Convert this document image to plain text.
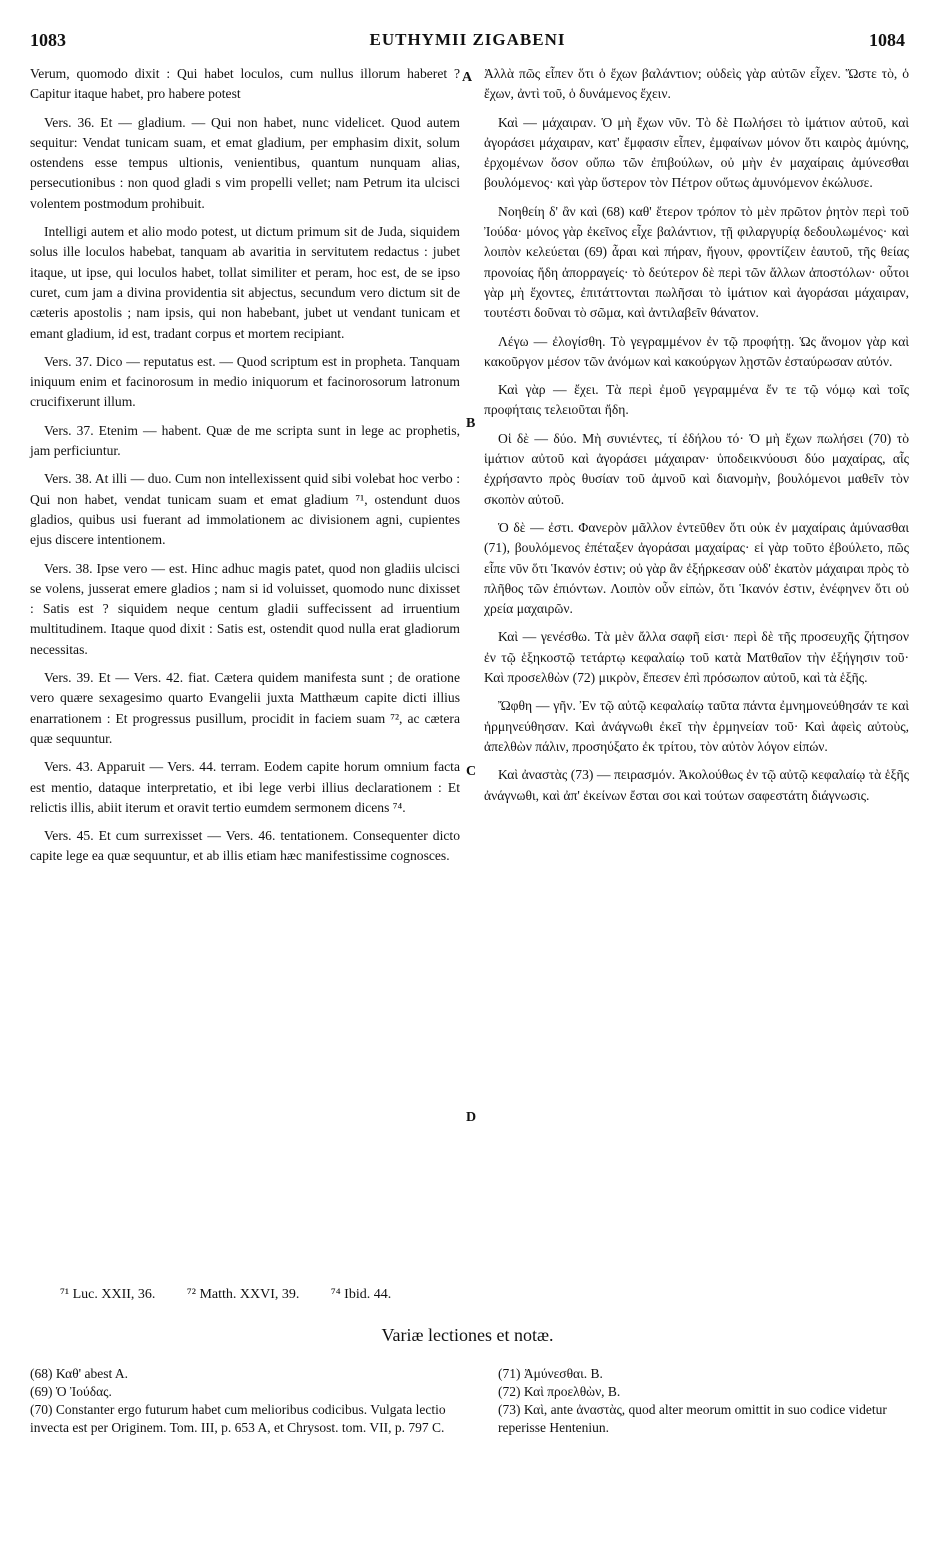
1083	EUTHYMII ZIGABENI	1084

Verum, quomodo dixit : Qui habet loculos, cum nullus illorum haberet ? Capitur itaque habet, pro habere potest

Vers. 36. Et — gladium. — Qui non habet, nunc videlicet. Quod autem sequitur: Vendat tunicam suam, et emat gladium, per emphasim dixit, solum ostendens esse tempus ultionis, venientibus, quantum nunquam alias, persecutionibus : non quod gladi s vim propelli vellet; nam Petrum ita ulcisci volentem postmodum prohibuit.

Intelligi autem et alio modo potest, ut dictum primum sit de Juda, siquidem solus ille loculos habebat, tanquam ab avaritia in servitutem redactus : jubet itaque, ut ipse, qui loculos habet, tollat similiter et peram, hoc est, de se ipso curet, cum jam a divina providentia sit abjectus, secundum vero dictum sit de cæteris apostolis ; nam ipsis, qui non habebant, jubet ut vendant tunicam et emant gladium, id est, tradant corpus et mortem recipiant.

Vers. 37. Dico — reputatus est. — Quod scriptum est in propheta. Tanquam iniquum enim et facinorosum in medio iniquorum et facinorosorum latronum crucifixerunt illum.

Vers. 37. Etenim — habent. Quæ de me scripta sunt in lege ac prophetis, jam perficiuntur.

Vers. 38. At illi — duo. Cum non intellexissent quid sibi volebat hoc verbo : Qui non habet, vendat tunicam suam et emat gladium ⁷¹, ostendunt duos gladios, quibus usi fuerant ad immolationem ac divisionem agni, cupientes ejus discere intentionem.

Vers. 38. Ipse vero — est. Hinc adhuc magis patet, quod non gladiis ulcisci se volens, jusserat emere gladios ; nam si id voluisset, quomodo nunc dixisset : Satis est ? siquidem neque centum gladii suffecissent ad irruentium multitudinem. Itaque quod dixit : Satis est, ostendit quod nulla erat gladiorum necessitas.

Vers. 39. Et — Vers. 42. fiat. Cætera quidem manifesta sunt ; de oratione vero quære sexagesimo quarto Evangelii juxta Matthæum capite dicti illius enarrationem : Et progressus pusillum, procidit in faciem suam ⁷², ac cætera quæ sequuntur.

Vers. 43. Apparuit — Vers. 44. terram. Eodem capite horum omnium facta est mentio, dataque interpretatio, et ibi lege verbi illius declarationem : Et relictis illis, abiit iterum et oravit tertio eumdem sermonem dicens ⁷⁴.

Vers. 45. Et cum surrexisset — Vers. 46. tentationem. Consequenter dicto capite lege ea quæ sequuntur, et ab illis etiam hæc manifestissime cognosces.

A
B
C
D

Ἀλλὰ πῶς εἶπεν ὅτι ὁ ἔχων βαλάντιον; οὐδεὶς γὰρ αὐτῶν εἶχεν. Ὥστε τὸ, ὁ ἔχων, ἀντὶ τοῦ, ὁ δυνάμενος ἔχειν.

Καὶ — μάχαιραν. Ὁ μὴ ἔχων νῦν. Τὸ δὲ Πωλήσει τὸ ἱμάτιον αὐτοῦ, καὶ ἀγοράσει μάχαιραν, κατ' ἔμφασιν εἶπεν, ἐμφαίνων μόνον ὅτι καιρὸς ἀμύνης, ἐρχομένων ὅσον οὔπω τῶν ἐπιβούλων, οὐ μὴν ἐν μαχαίραις ἀμύνεσθαι βουλόμενος· καὶ γὰρ ὕστερον τὸν Πέτρον οὕτως ἀμυνόμενον ἐκώλυσε.

Νοηθείη δ' ἂν καὶ (68) καθ' ἕτερον τρόπον τὸ μὲν πρῶτον ῥητὸν περὶ τοῦ Ἰούδα· μόνος γὰρ ἐκεῖνος εἶχε βαλάντιον, τῇ φιλαργυρίᾳ δεδουλωμένος· καὶ λοιπὸν κελεύεται (69) ἆραι καὶ πήραν, ἤγουν, φροντίζειν ἑαυτοῦ, τῆς θείας προνοίας ἤδη ἀπορραγείς· τὸ δεύτερον δὲ περὶ τῶν ἄλλων ἀποστόλων· οὗτοι γὰρ μὴ ἔχοντες, ἐπιτάττονται πωλῆσαι τὸ ἱμάτιον καὶ ἀγοράσαι μάχαιραν, τουτέστι δοῦναι τὸ σῶμα, καὶ ἀντιλαβεῖν θάνατον.

Λέγω — ἐλογίσθη. Τὸ γεγραμμένον ἐν τῷ προφήτῃ. Ὡς ἄνομον γὰρ καὶ κακοῦργον μέσον τῶν ἀνόμων καὶ κακούργων λῃστῶν ἐσταύρωσαν αὐτόν.

Καὶ γὰρ — ἔχει. Τὰ περὶ ἐμοῦ γεγραμμένα ἔν τε τῷ νόμῳ καὶ τοῖς προφήταις τελειοῦται ἤδη.

Οἱ δὲ — δύο. Μὴ συνιέντες, τί ἐδήλου τό· Ὁ μὴ ἔχων πωλήσει (70) τὸ ἱμάτιον αὐτοῦ καὶ ἀγοράσει μάχαιραν· ὑποδεικνύουσι δύο μαχαίρας, αἷς ἐχρήσαντο πρὸς θυσίαν τοῦ ἀμνοῦ καὶ διανομὴν, βουλόμενοι μαθεῖν τὸν σκοπὸν αὐτοῦ.

Ὁ δὲ — ἐστι. Φανερὸν μᾶλλον ἐντεῦθεν ὅτι οὐκ ἐν μαχαίραις ἀμύνασθαι (71), βουλόμενος ἐπέταξεν ἀγοράσαι μαχαίρας· εἰ γὰρ τοῦτο ἐβούλετο, πῶς εἶπε νῦν ὅτι Ἱκανόν ἐστιν; οὐ γὰρ ἂν ἐξήρκεσαν οὐδ' ἑκατὸν μάχαιραι πρὸς τὸ πλῆθος τῶν ἐπιόντων. Λοιπὸν οὖν εἰπὼν, ὅτι Ἱκανόν ἐστιν, ἐνέφηνεν ὅτι οὐ χρεία μαχαιρῶν.

Καὶ — γενέσθω. Τὰ μὲν ἄλλα σαφῆ εἰσι· περὶ δὲ τῆς προσευχῆς ζήτησον ἐν τῷ ἑξηκοστῷ τετάρτῳ κεφαλαίῳ τοῦ κατὰ Ματθαῖον τὴν ἐξήγησιν τοῦ· Καὶ προσελθὼν (72) μικρὸν, ἔπεσεν ἐπὶ πρόσωπον αὐτοῦ, καὶ τὰ ἑξῆς.

Ὤφθη — γῆν. Ἐν τῷ αὐτῷ κεφαλαίῳ ταῦτα πάντα ἐμνημονεύθησάν τε καὶ ἡρμηνεύθησαν. Καὶ ἀνάγνωθι ἐκεῖ τὴν ἑρμηνείαν τοῦ· Καὶ ἀφεὶς αὐτοὺς, ἀπελθὼν πάλιν, προσηύξατο ἐκ τρίτου, τὸν αὐτὸν λόγον εἰπών.

Καὶ ἀναστὰς (73) — πειρασμόν. Ἀκολούθως ἐν τῷ αὐτῷ κεφαλαίῳ τὰ ἑξῆς ἀνάγνωθι, καὶ ἀπ' ἐκείνων ἔσται σοι καὶ τούτων σαφεστάτη διάγνωσις.

⁷¹ Luc. XXII, 36. ⁷² Matth. XXVI, 39. ⁷⁴ Ibid. 44.
Variæ lectiones et notæ.
(68) Καθ' abest A.
(69) Ὁ Ἰούδας.
(70) Constanter ergo futurum habet cum melioribus codicibus. Vulgata lectio invecta est per Originem. Tom. III, p. 653 A, et Chrysost. tom. VII, p. 797 C.
(71) Ἀμύνεσθαι. B.
(72) Καὶ προελθὼν, B.
(73) Καὶ, ante ἀναστὰς, quod alter meorum omittit in suo codice videtur reperisse Henteniun.
